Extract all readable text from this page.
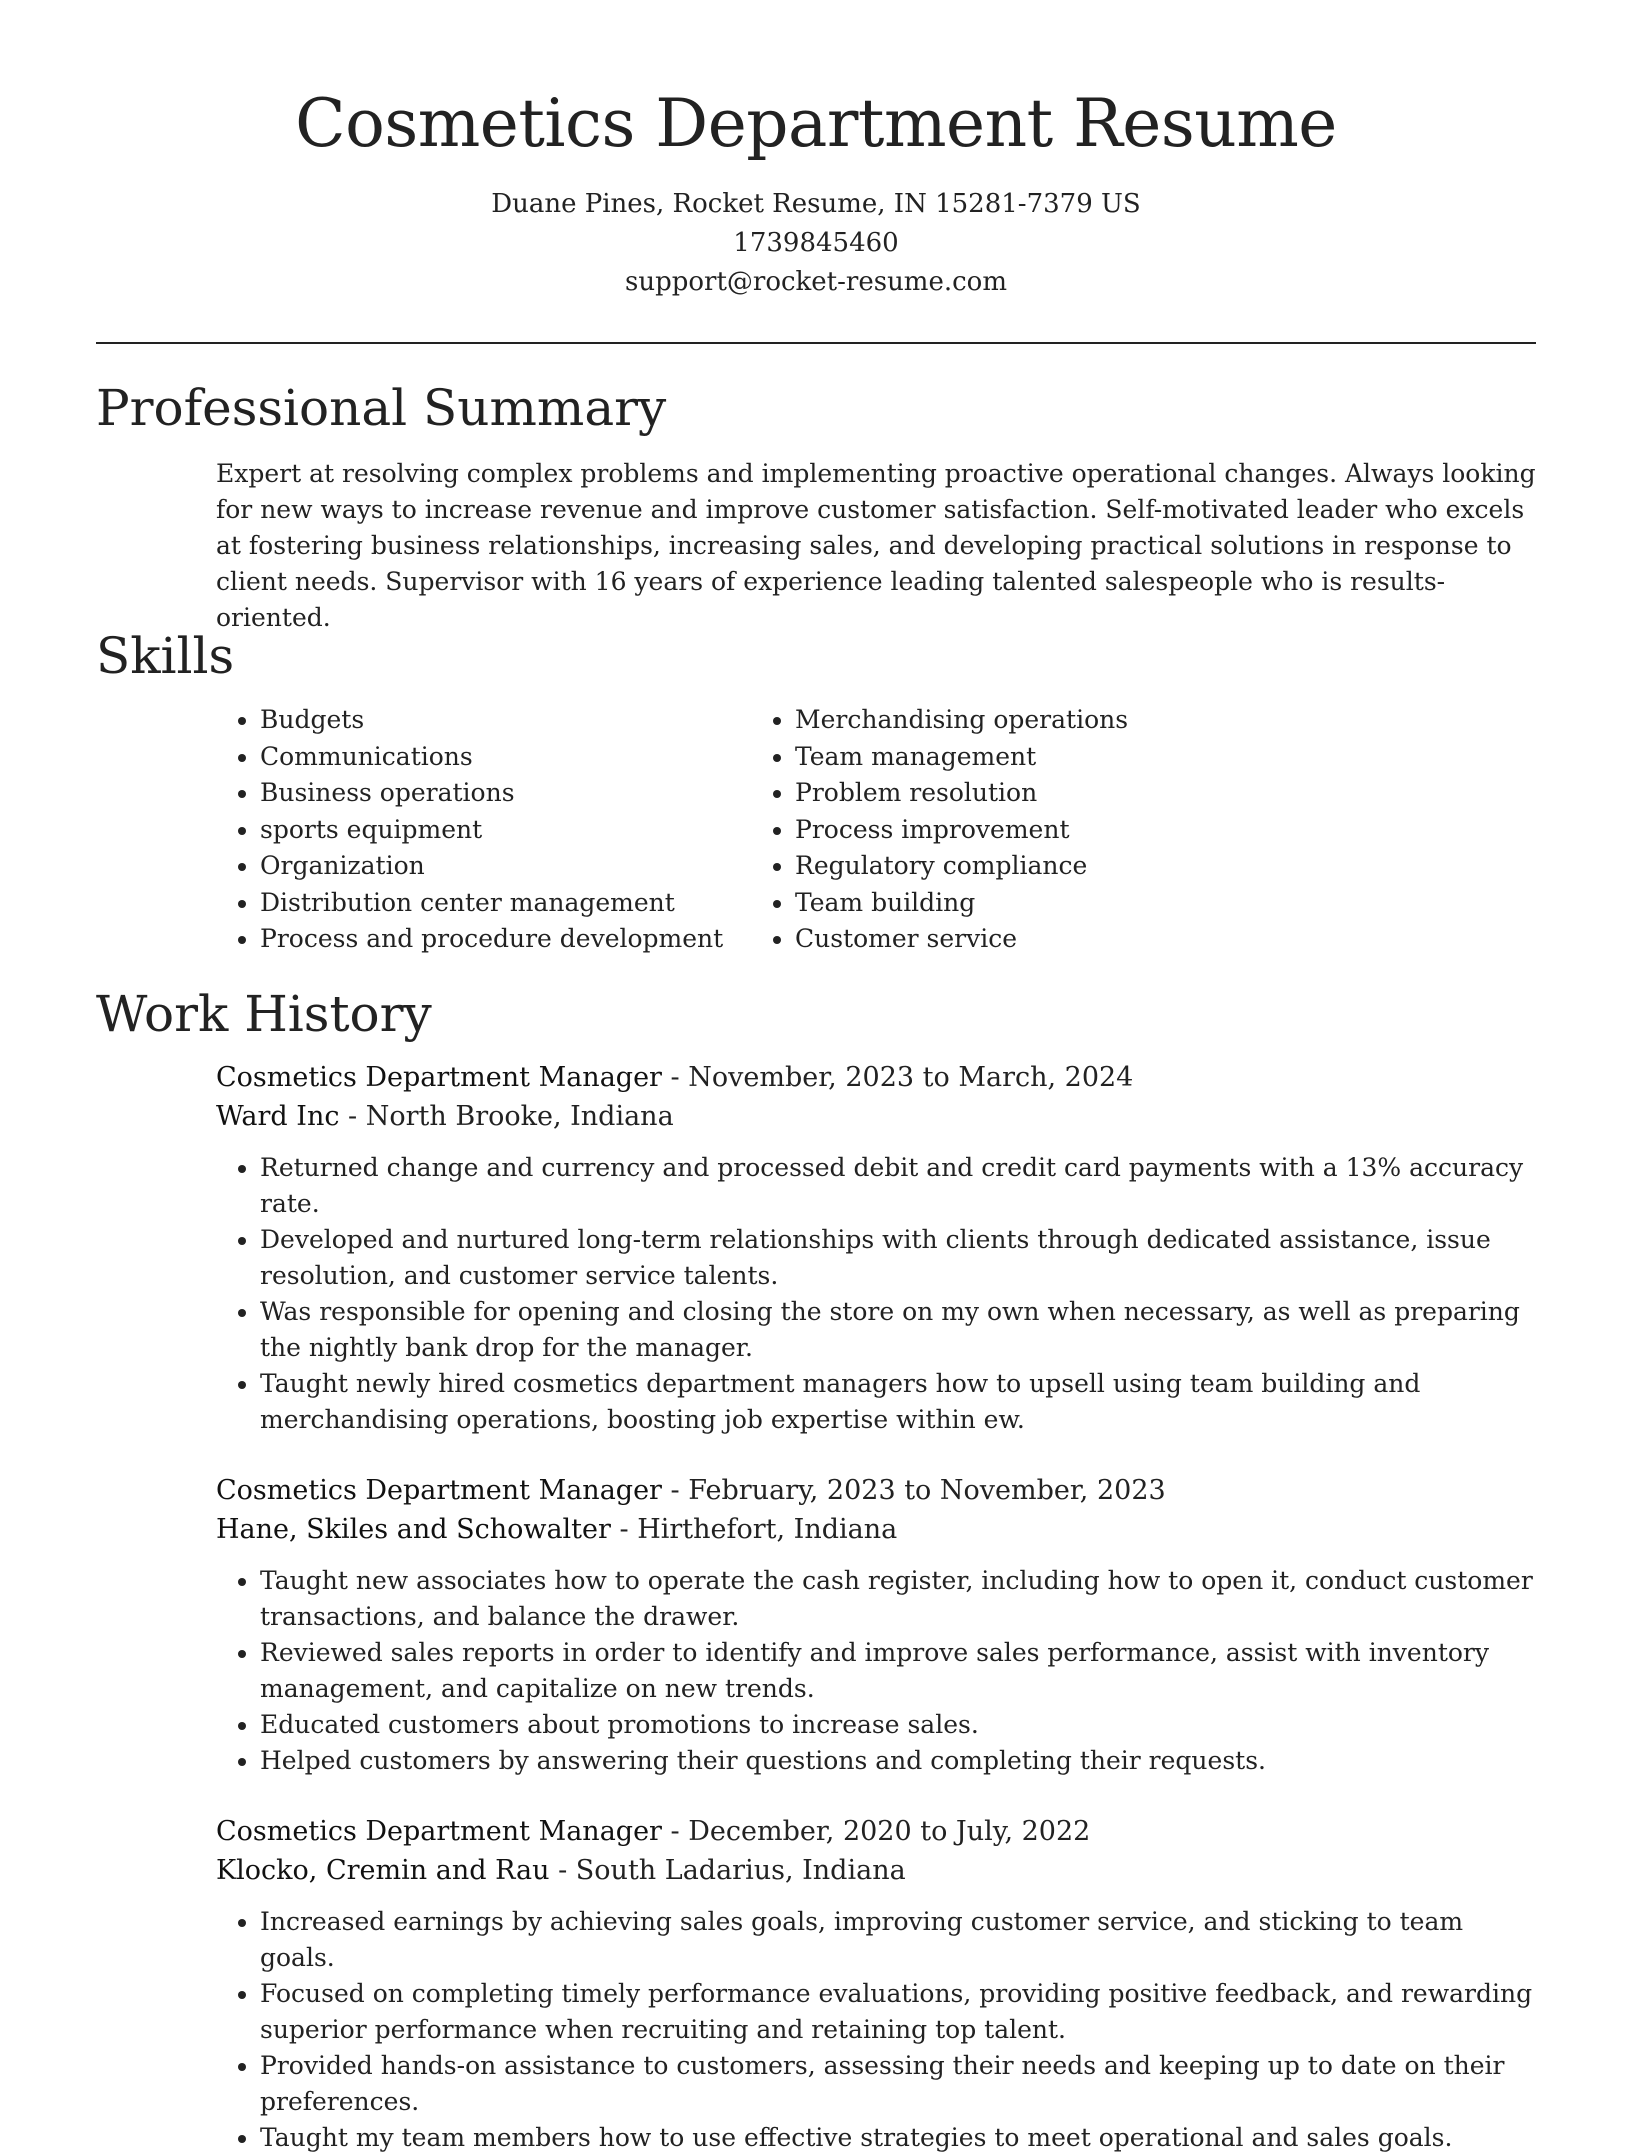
Cosmetics Department Resume
Duane Pines, Rocket Resume, IN 15281-7379 US
1739845460
support@rocket-resume.com
Professional Summary

Expert at resolving complex problems and implementing proactive operational changes. Always looking for new ways to increase revenue and improve customer satisfaction. Self-motivated leader who excels at fostering business relationships, increasing sales, and developing practical solutions in response to client needs. Supervisor with 16 years of experience leading talented salespeople who is results-oriented.

Skills
• Budgets
• Communications
• Business operations
• sports equipment
• Organization
• Distribution center management
• Process and procedure development
• Merchandising operations
• Team management
• Problem resolution
• Process improvement
• Regulatory compliance
• Team building
• Customer service
Work History
Cosmetics Department Manager - November, 2023 to March, 2024
Ward Inc - North Brooke, Indiana
• Returned change and currency and processed debit and credit card payments with a 13% accuracy rate.
• Developed and nurtured long-term relationships with clients through dedicated assistance, issue resolution, and customer service talents.
• Was responsible for opening and closing the store on my own when necessary, as well as preparing the nightly bank drop for the manager.
• Taught newly hired cosmetics department managers how to upsell using team building and merchandising operations, boosting job expertise within ew.
Cosmetics Department Manager - February, 2023 to November, 2023
Hane, Skiles and Schowalter - Hirthefort, Indiana
• Taught new associates how to operate the cash register, including how to open it, conduct customer transactions, and balance the drawer.
• Reviewed sales reports in order to identify and improve sales performance, assist with inventory management, and capitalize on new trends.
• Educated customers about promotions to increase sales.
• Helped customers by answering their questions and completing their requests.
Cosmetics Department Manager - December, 2020 to July, 2022
Klocko, Cremin and Rau - South Ladarius, Indiana
• Increased earnings by achieving sales goals, improving customer service, and sticking to team goals.
• Focused on completing timely performance evaluations, providing positive feedback, and rewarding superior performance when recruiting and retaining top talent.
• Provided hands-on assistance to customers, assessing their needs and keeping up to date on their preferences.
• Taught my team members how to use effective strategies to meet operational and sales goals.
